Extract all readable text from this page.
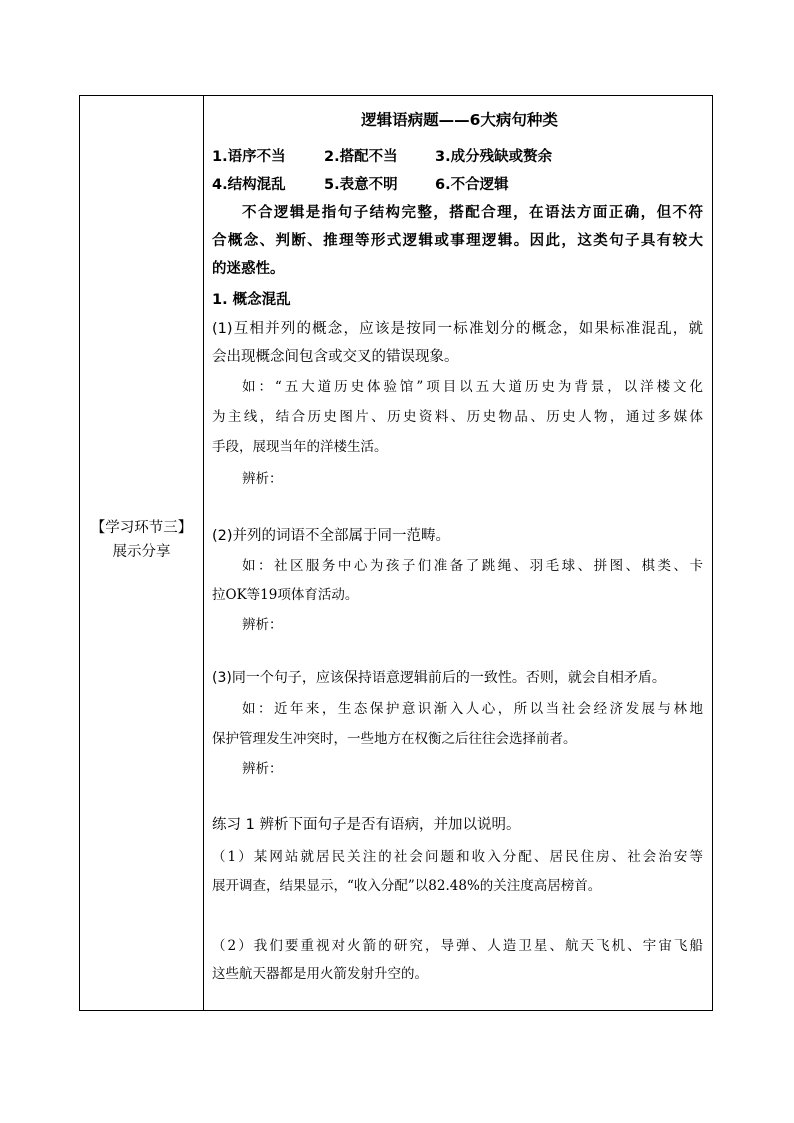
【学习环节三】
展示分享
逻辑语病题——6大病句种类
1.语序不当	2.搭配不当	3.成分残缺或赘余
4.结构混乱	5.表意不明	6.不合逻辑
不合逻辑是指句子结构完整，搭配合理，在语法方面正确，但不符
合概念、判断、推理等形式逻辑或事理逻辑。因此，这类句子具有较大
的迷惑性。
1. 概念混乱
(1)互相并列的概念，应该是按同一标准划分的概念，如果标准混乱，就
会出现概念间包含或交叉的错误现象。
如：“五大道历史体验馆”项目以五大道历史为背景，以洋楼文化
为主线，结合历史图片、历史资料、历史物品、历史人物，通过多媒体
手段，展现当年的洋楼生活。
辨析：
(2)并列的词语不全部属于同一范畴。
如：社区服务中心为孩子们准备了跳绳、羽毛球、拼图、棋类、卡
拉OK等19项体育活动。
辨析：
(3)同一个句子，应该保持语意逻辑前后的一致性。否则，就会自相矛盾。
如：近年来，生态保护意识渐入人心，所以当社会经济发展与林地
保护管理发生冲突时，一些地方在权衡之后往往会选择前者。
辨析：
练习 1 辨析下面句子是否有语病，并加以说明。
（1）某网站就居民关注的社会问题和收入分配、居民住房、社会治安等
展开调查，结果显示，“收入分配”以82.48%的关注度高居榜首。
（2）我们要重视对火箭的研究，导弹、人造卫星、航天飞机、宇宙飞船
这些航天器都是用火箭发射升空的。
